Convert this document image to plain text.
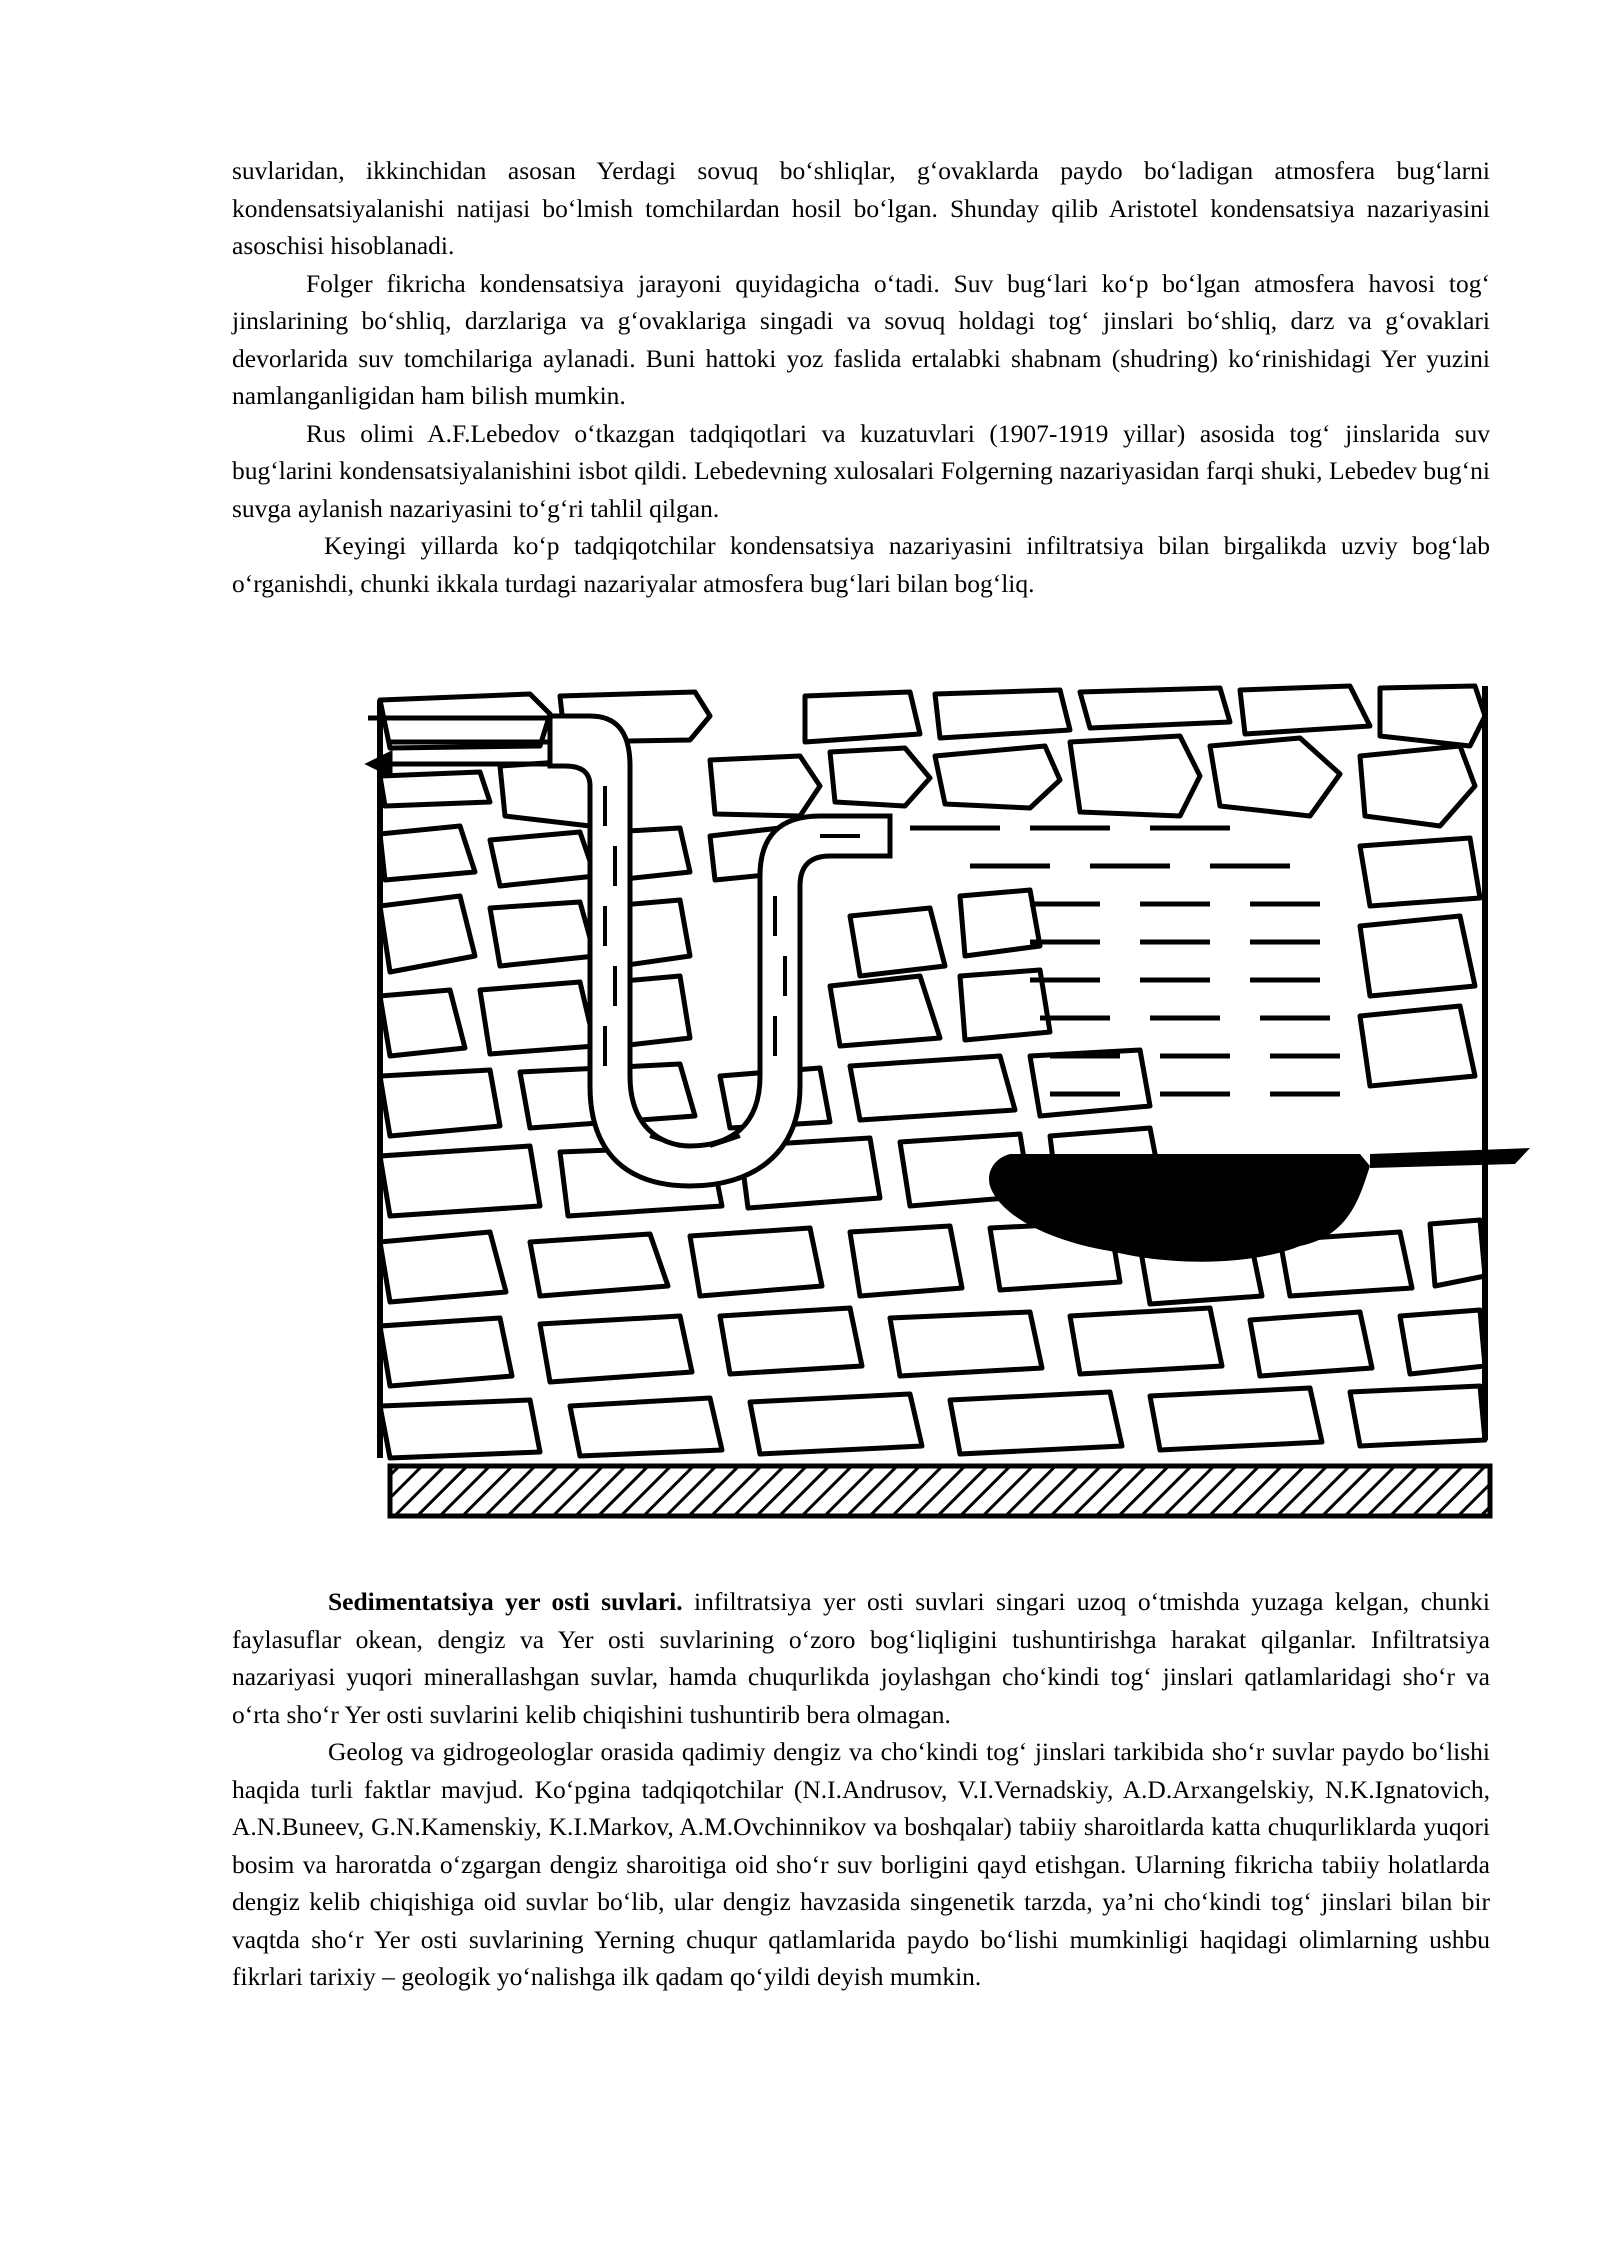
suvlaridan, ikkinchidan asosan Yerdagi sovuq bo‘shliqlar, g‘ovaklarda paydo bo‘ladigan atmosfera bug‘larni kondensatsiyalanishi natijasi bo‘lmish tomchilardan hosil bo‘lgan. Shunday qilib Aristotel kondensatsiya nazariyasini asoschisi hisoblanadi.

Folger fikricha kondensatsiya jarayoni quyidagicha o‘tadi. Suv bug‘lari ko‘p bo‘lgan atmosfera havosi tog‘ jinslarining bo‘shliq, darzlariga va g‘ovaklariga singadi va sovuq holdagi tog‘ jinslari bo‘shliq, darz va g‘ovaklari devorlarida suv tomchilariga aylanadi. Buni hattoki yoz faslida ertalabki shabnam (shudring) ko‘rinishidagi Yer yuzini namlanganligidan ham bilish mumkin.

Rus olimi A.F.Lebedov o‘tkazgan tadqiqotlari va kuzatuvlari (1907-1919 yillar) asosida tog‘ jinslarida suv bug‘larini kondensatsiyalanishini isbot qildi. Lebedevning xulosalari Folgerning nazariyasidan farqi shuki, Lebedev bug‘ni suvga aylanish nazariyasini to‘g‘ri tahlil qilgan.

Keyingi yillarda ko‘p tadqiqotchilar kondensatsiya nazariyasini infiltratsiya bilan birgalikda uzviy bog‘lab o‘rganishdi, chunki ikkala turdagi nazariyalar atmosfera bug‘lari bilan bog‘liq.

Sedimentatsiya yer osti suvlari. infiltratsiya yer osti suvlari singari uzoq o‘tmishda yuzaga kelgan, chunki faylasuflar okean, dengiz va Yer osti suvlarining o‘zoro bog‘liqligini tushuntirishga harakat qilganlar. Infiltratsiya nazariyasi yuqori minerallashgan suvlar, hamda chuqurlikda joylashgan cho‘kindi tog‘ jinslari qatlamlaridagi sho‘r va o‘rta sho‘r Yer osti suvlarini kelib chiqishini tushuntirib bera olmagan.

Geolog va gidrogeologlar orasida qadimiy dengiz va cho‘kindi tog‘ jinslari tarkibida sho‘r suvlar paydo bo‘lishi haqida turli faktlar mavjud. Ko‘pgina tadqiqotchilar (N.I.Andrusov, V.I.Vernadskiy, A.D.Arxangelskiy, N.K.Ignatovich, A.N.Buneev, G.N.Kamenskiy, K.I.Markov, A.M.Ovchinnikov va boshqalar) tabiiy sharoitlarda katta chuqurliklarda yuqori bosim va haroratda o‘zgargan dengiz sharoitiga oid sho‘r suv borligini qayd etishgan. Ularning fikricha tabiiy holatlarda dengiz kelib chiqishiga oid suvlar bo‘lib, ular dengiz havzasida singenetik tarzda, ya’ni cho‘kindi tog‘ jinslari bilan bir vaqtda sho‘r Yer osti suvlarining Yerning chuqur qatlamlarida paydo bo‘lishi mumkinligi haqidagi olimlarning ushbu fikrlari tarixiy – geologik yo‘nalishga ilk qadam qo‘yildi deyish mumkin.
